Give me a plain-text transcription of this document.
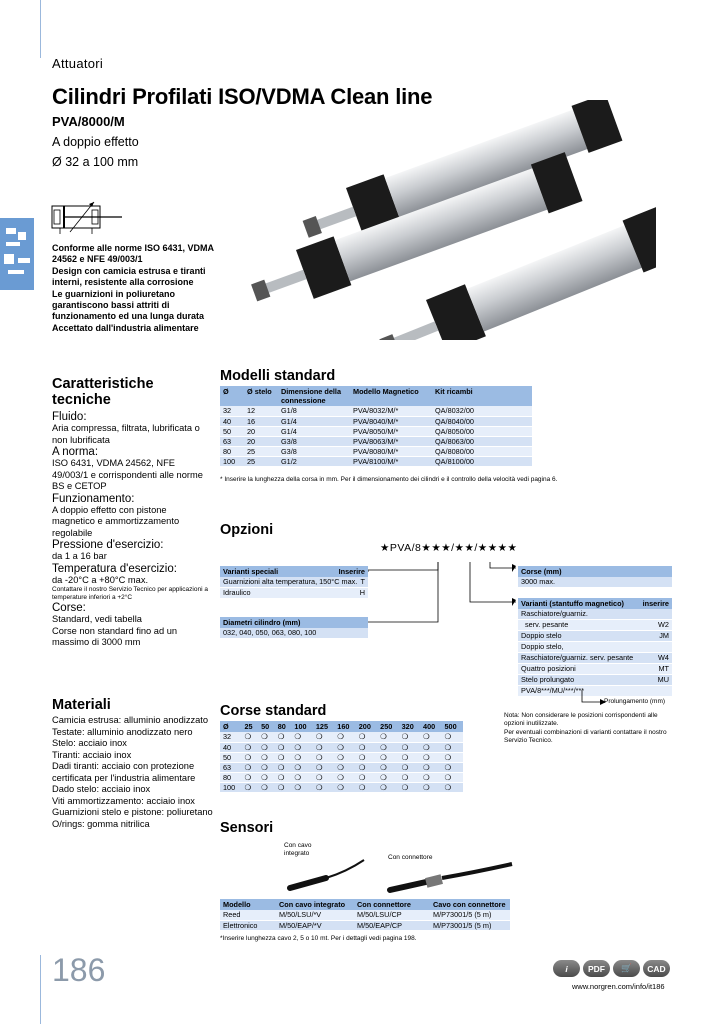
Attuatori
Cilindri Profilati ISO/VDMA Clean line
PVA/8000/M
A doppio effetto
Ø 32 a 100 mm
Conforme alle norme ISO 6431, VDMA 24562 e NFE 49/003/1
Design con camicia estrusa e tiranti interni, resistente alla corrosione
Le guarnizioni in poliuretano garantiscono bassi attriti di funzionamento ed una lunga durata
Accettato dall'industria alimentare
Caratteristiche tecniche
Fluido:
Aria compressa, filtrata, lubrificata o non lubrificata
A norma:
ISO 6431, VDMA 24562, NFE 49/003/1 e corrispondenti alle norme BS e CETOP
Funzionamento:
A doppio effetto con pistone magnetico e ammortizzamento regolabile
Pressione d'esercizio:
da 1 a 16 bar
Temperatura d'esercizio:
da -20°C a +80°C max.
Contattare il nostro Servizio Tecnico per applicazioni a temperature inferiori a +2°C
Corse:
Standard, vedi tabella
Corse non standard fino ad un massimo di 3000 mm
Materiali
Camicia estrusa: alluminio anodizzato
Testate: alluminio anodizzato nero
Stelo: acciaio inox
Tiranti: acciaio inox
Dadi tiranti: acciaio con protezione certificata per l'industria alimentare
Dado stelo: acciaio inox
Viti ammortizzamento: acciaio inox
Guarnizioni stelo e pistone: poliuretano
O/rings: gomma nitrilica
Modelli standard
Ø	Ø stelo	Dimensione della connessione	Modello Magnetico	Kit ricambi
32	12	G1/8	PVA/8032/M/*	QA/8032/00
40	16	G1/4	PVA/8040/M/*	QA/8040/00
50	20	G1/4	PVA/8050/M/*	QA/8050/00
63	20	G3/8	PVA/8063/M/*	QA/8063/00
80	25	G3/8	PVA/8080/M/*	QA/8080/00
100	25	G1/2	PVA/8100/M/*	QA/8100/00
* Inserire la lunghezza della corsa in mm. Per il dimensionamento dei cilindri e il controllo della velocità vedi pagina 6.
Opzioni
★PVA/8★★★/★★/★★★★
Varianti speciali	Inserire
Guarnizioni alta temperatura, 150°C max. T
Idraulico	H
Diametri cilindro (mm)
032, 040, 050, 063, 080, 100
Corse (mm)
3000 max.
Varianti (stantuffo magnetico)	inserire
Raschiatore/guarniz.
serv. pesante	W2
Doppio stelo	JM
Doppio stelo,
Raschiatore/guarniz. serv. pesante	W4
Quattro posizioni	MT
Stelo prolungato	MU
PVA/8***/MU/***/***
Prolungamento (mm)
Nota: Non considerare le posizioni corrispondenti alle opzioni inutilizzate.
Per eventuali combinazioni di varianti contattare il nostro Servizio Tecnico.
Corse standard
Ø	25	50	80	100	125	160	200	250	320	400	500
32	❍	❍	❍	❍	❍	❍	❍	❍	❍	❍	❍
40	❍	❍	❍	❍	❍	❍	❍	❍	❍	❍	❍
50	❍	❍	❍	❍	❍	❍	❍	❍	❍	❍	❍
63	❍	❍	❍	❍	❍	❍	❍	❍	❍	❍	❍
80	❍	❍	❍	❍	❍	❍	❍	❍	❍	❍	❍
100	❍	❍	❍	❍	❍	❍	❍	❍	❍	❍	❍
Sensori
Con cavo integrato
Con connettore
Modello	Con cavo integrato	Con connettore	Cavo con connettore
Reed	M/50/LSU/*V	M/50/LSU/CP	M/P73001/5 (5 m)
Elettronico	M/50/EAP/*V	M/50/EAP/CP	M/P73001/5 (5 m)
*Inserire lunghezza cavo 2, 5 o 10 mt. Per i dettagli vedi pagina 198.
186	i	PDF	🛒	CAD
www.norgren.com/info/it186
